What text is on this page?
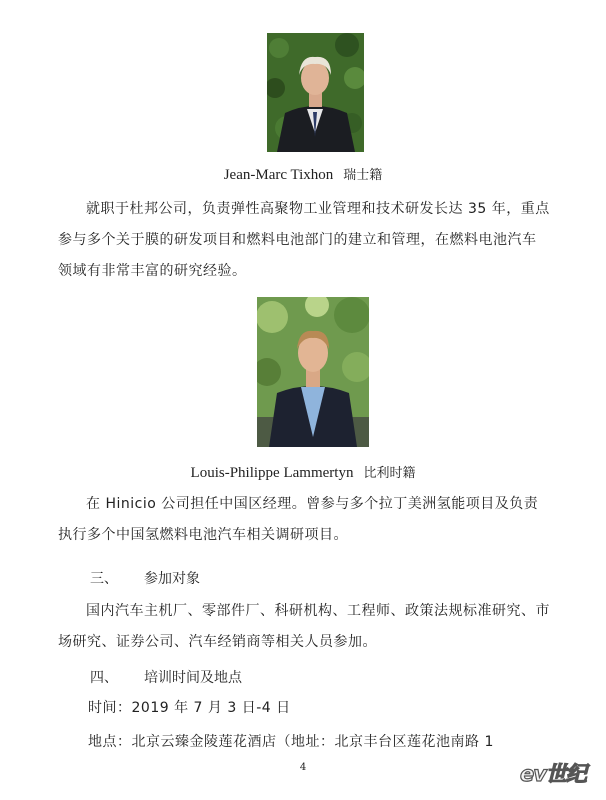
Jean-Marc Tixhon 瑞士籍
就职于杜邦公司，负责弹性高聚物工业管理和技术研发长达 35 年，重点参与多个关于膜的研发项目和燃料电池部门的建立和管理，在燃料电池汽车领域有非常丰富的研究经验。
Louis-Philippe Lammertyn 比利时籍
在 Hinicio 公司担任中国区经理。曾参与多个拉丁美洲氢能项目及负责执行多个中国氢燃料电池汽车相关调研项目。
三、 参加对象
国内汽车主机厂、零部件厂、科研机构、工程师、政策法规标准研究、市场研究、证券公司、汽车经销商等相关人员参加。
四、 培训时间及地点
时间：2019 年 7 月 3 日-4 日
地点：北京云臻金陵莲花酒店（地址：北京丰台区莲花池南路 1
4	ev世纪
